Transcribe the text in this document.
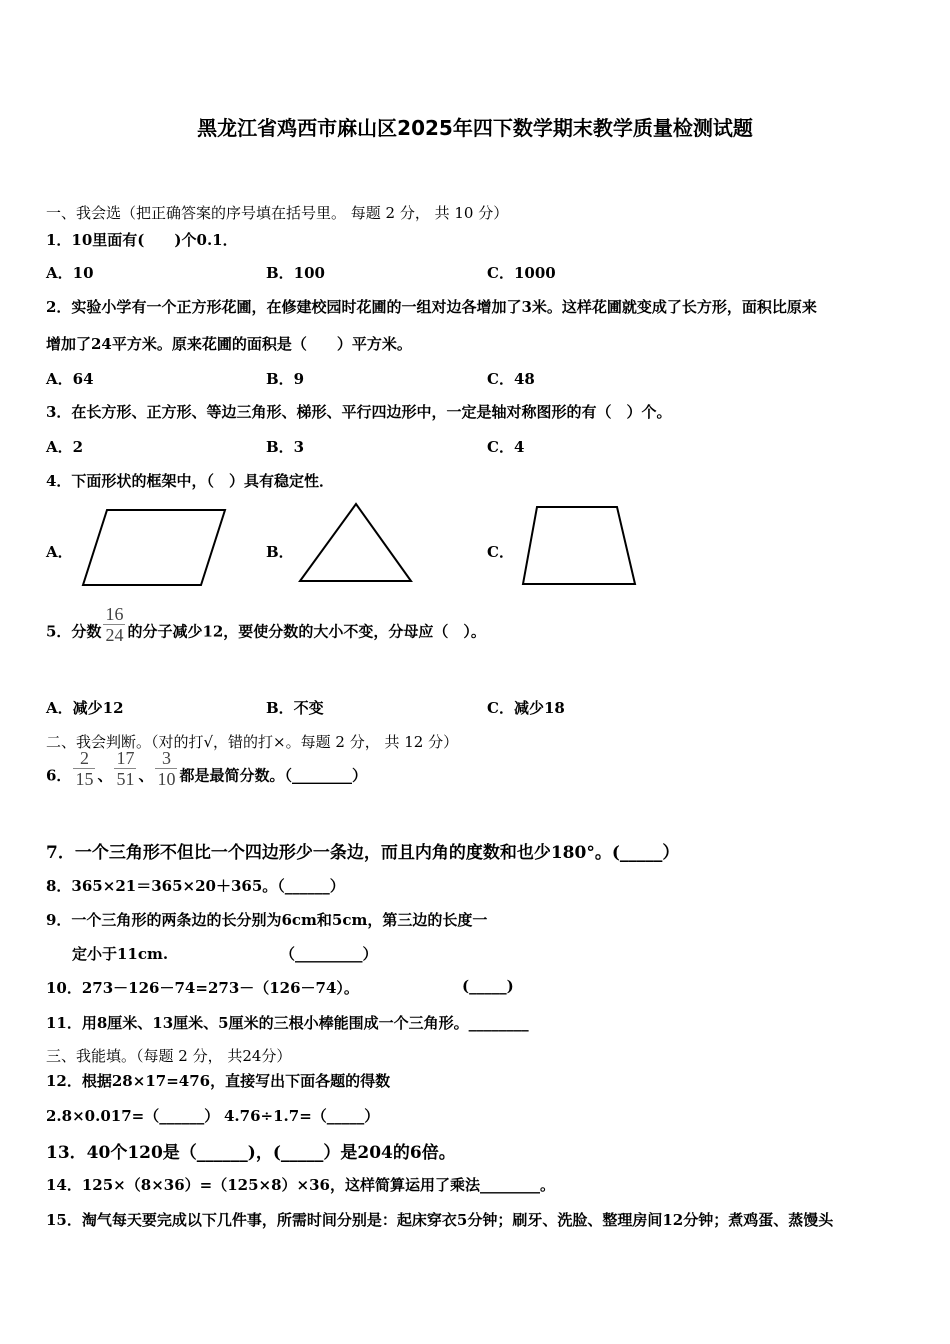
黑龙江省鸡西市麻山区2025年四下数学期末教学质量检测试题
一、我会选（把正确答案的序号填在括号里。 每题 2 分， 共 10 分）
1．10里面有(　　)个0.1．
A．10	B．100	C．1000
2．实验小学有一个正方形花圃，在修建校园时花圃的一组对边各增加了3米。这样花圃就变成了长方形，面积比原来
增加了24平方米。原来花圃的面积是（　　）平方米。
A．64	B．9	C．48
3．在长方形、正方形、等边三角形、梯形、平行四边形中，一定是轴对称图形的有（　）个。
A．2	B．3	C．4
4．下面形状的框架中，（　）具有稳定性．
A．	B．	C．
5．分数 $\frac{16}{24}$ 的分子减少12，要使分数的大小不变，分母应（　）。
A．减少12	B．不变	C．减少18
二、我会判断。（对的打√，错的打×。每题 2 分， 共 12 分）
6． $\frac{2}{15}$ 、 $\frac{17}{51}$ 、 $\frac{3}{10}$ 都是最简分数。（________）
7．一个三角形不但比一个四边形少一条边，而且内角的度数和也少180°。(_____）
8．365×21＝365×20＋365。（______）
9．一个三角形的两条边的长分别为6cm和5cm，第三边的长度一
定小于11cm.	（_________）
10．273－126－74=273－（126－74）。	(_____)
11．用8厘米、13厘米、5厘米的三根小棒能围成一个三角形。________
三、我能填。（每题 2 分， 共24分）
12．根据28×17=476，直接写出下面各题的得数
2.8×0.017=（______） 4.76÷1.7=（_____）
13．40个120是（______)，(_____）是204的6倍。
14．125×（8×36）=（125×8）×36，这样简算运用了乘法________。
15．淘气每天要完成以下几件事，所需时间分别是：起床穿衣5分钟；刷牙、洗脸、整理房间12分钟；煮鸡蛋、蒸馒头
